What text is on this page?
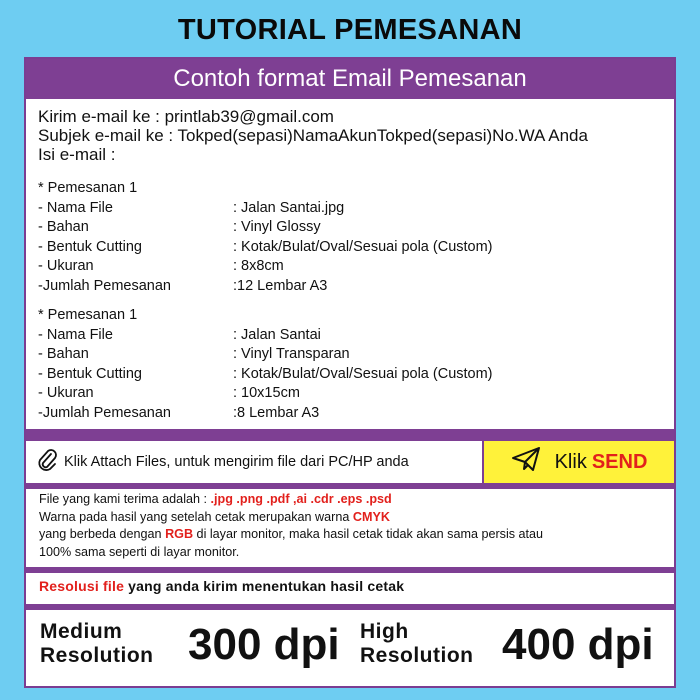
TUTORIAL PEMESANAN
Contoh format Email Pemesanan
Kirim e-mail ke : printlab39@gmail.com
Subjek e-mail ke : Tokped(sepasi)NamaAkunTokped(sepasi)No.WA Anda
Isi e-mail :
* Pemesanan 1
- Nama File	: Jalan Santai.jpg
- Bahan	: Vinyl Glossy
- Bentuk Cutting	: Kotak/Bulat/Oval/Sesuai pola (Custom)
- Ukuran	: 8x8cm
-Jumlah Pemesanan	:12 Lembar A3
* Pemesanan 1
- Nama File	: Jalan Santai
- Bahan	: Vinyl Transparan
- Bentuk Cutting	: Kotak/Bulat/Oval/Sesuai pola (Custom)
- Ukuran	: 10x15cm
-Jumlah Pemesanan	:8 Lembar A3
Klik Attach Files, untuk mengirim file dari PC/HP anda	Klik SEND
File yang kami terima adalah : .jpg .png .pdf ,ai .cdr .eps .psd
Warna pada hasil yang setelah cetak merupakan warna CMYK
yang berbeda dengan RGB di layar monitor, maka hasil cetak tidak akan sama persis atau
100% sama seperti di layar monitor.
Resolusi file yang anda kirim menentukan hasil cetak
Medium
Resolution 300 dpi High
Resolution 400 dpi
